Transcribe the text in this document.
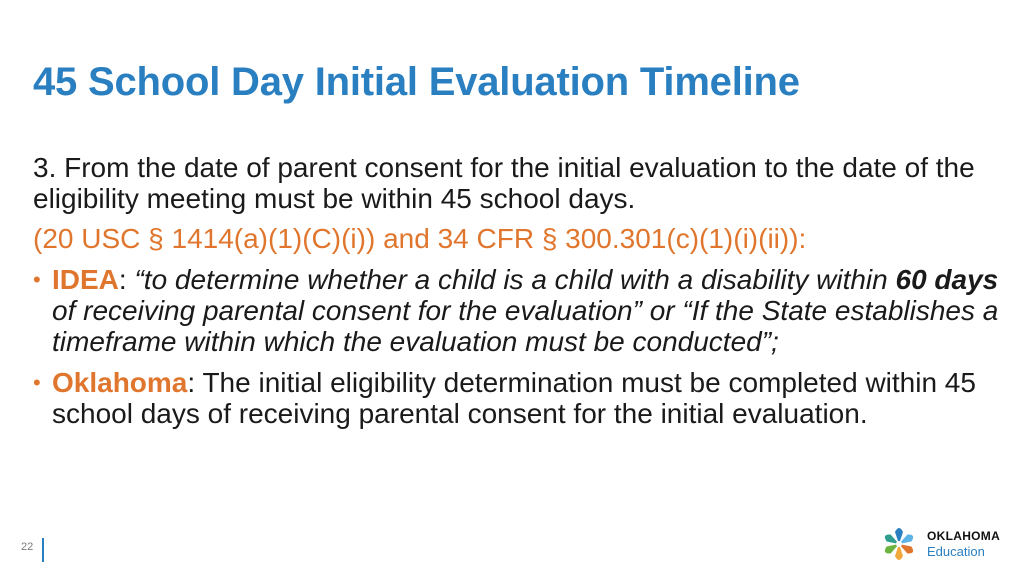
45 School Day Initial Evaluation Timeline

3. From the date of parent consent for the initial evaluation to the date of the eligibility meeting must be within 45 school days.

(20 USC § 1414(a)(1)(C)(i)) and 34 CFR § 300.301(c)(1)(i)(ii)):

• IDEA: “to determine whether a child is a child with a disability within 60 days of receiving parental consent for the evaluation” or “If the State establishes a timeframe within which the evaluation must be conducted”;
• Oklahoma: The initial eligibility determination must be completed within 45 school days of receiving parental consent for the initial evaluation.
22
OKLAHOMA
Education
